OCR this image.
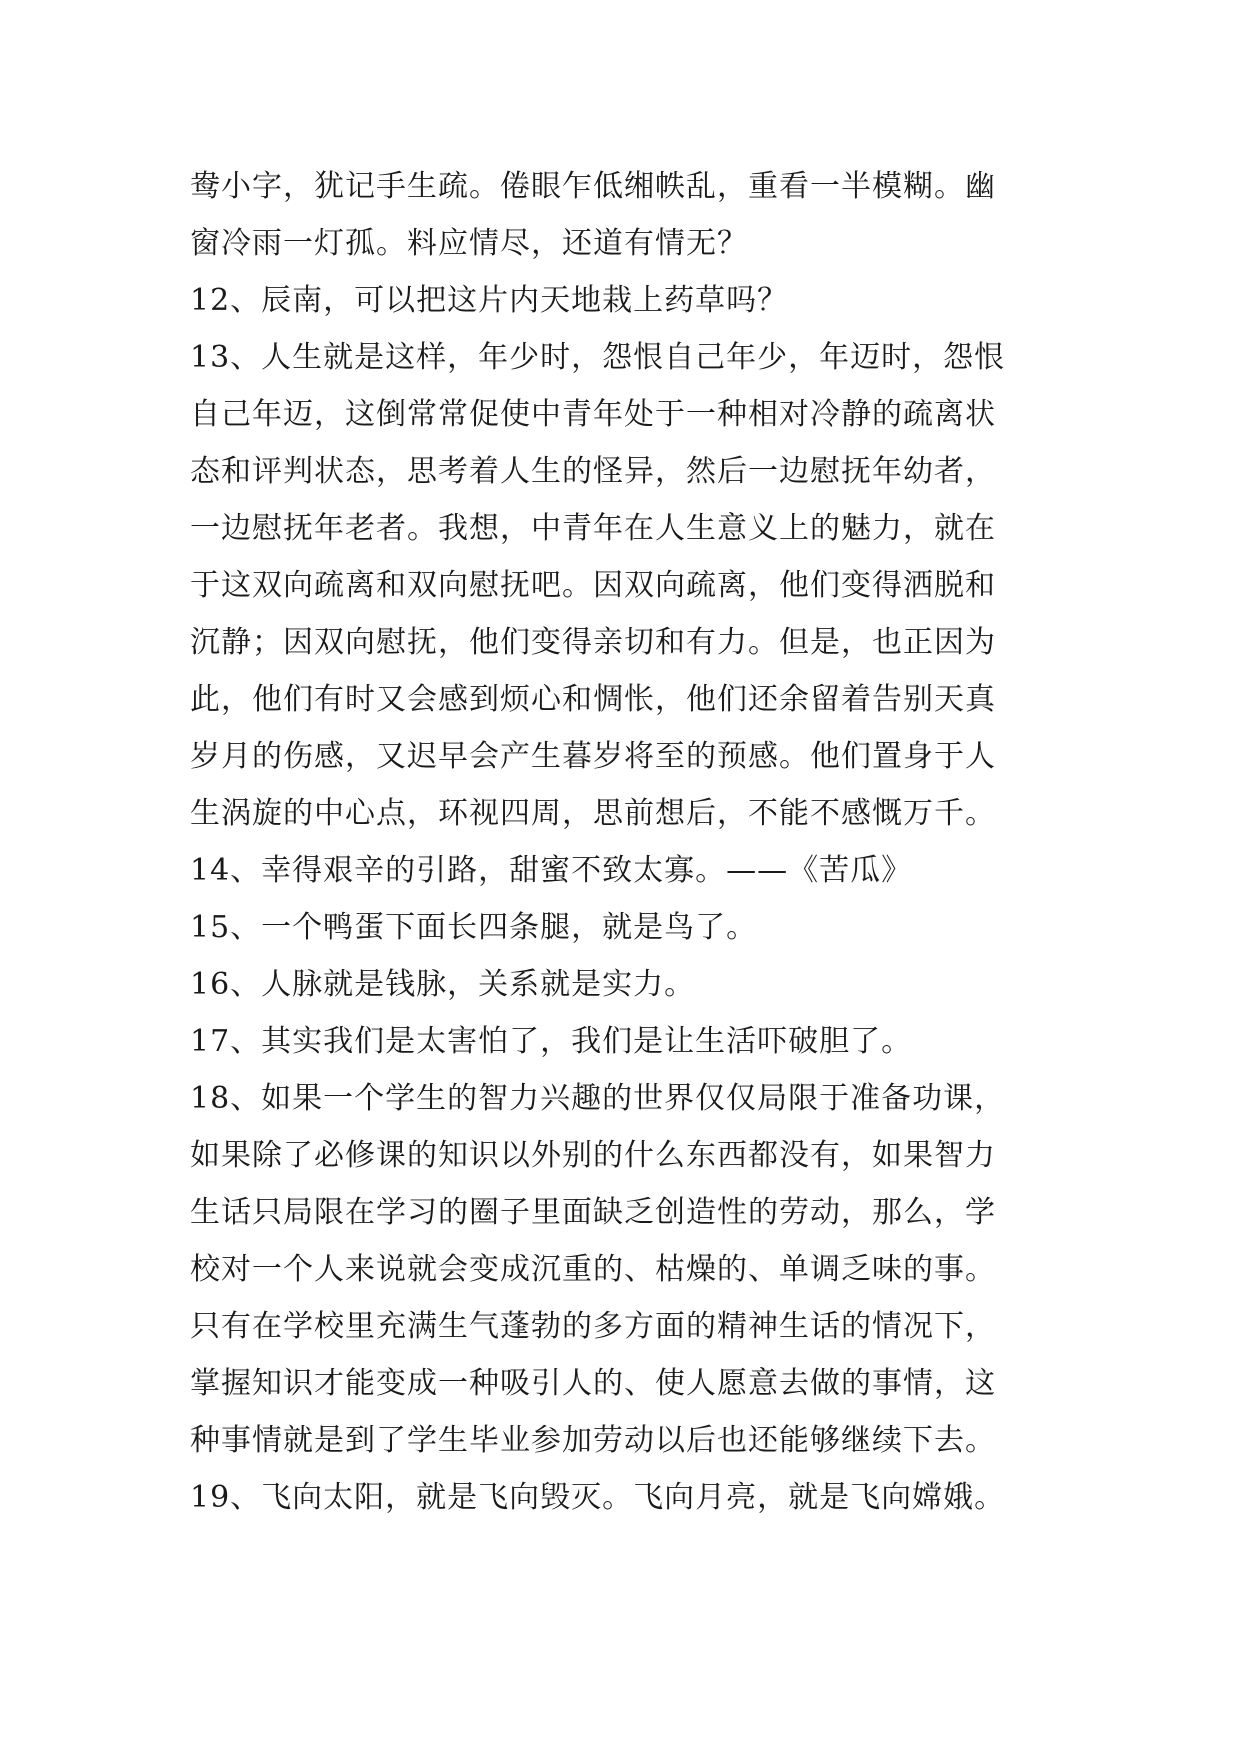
鸯小字，犹记手生疏。倦眼乍低缃帙乱，重看一半模糊。幽
窗冷雨一灯孤。料应情尽，还道有情无？
12、辰南，可以把这片内天地栽上药草吗？
13、人生就是这样，年少时，怨恨自己年少，年迈时，怨恨
自己年迈，这倒常常促使中青年处于一种相对冷静的疏离状
态和评判状态，思考着人生的怪异，然后一边慰抚年幼者，
一边慰抚年老者。我想，中青年在人生意义上的魅力，就在
于这双向疏离和双向慰抚吧。因双向疏离，他们变得洒脱和
沉静；因双向慰抚，他们变得亲切和有力。但是，也正因为
此，他们有时又会感到烦心和惆怅，他们还余留着告别天真
岁月的伤感，又迟早会产生暮岁将至的预感。他们置身于人
生涡旋的中心点，环视四周，思前想后，不能不感慨万千。
14、幸得艰辛的引路，甜蜜不致太寡。——《苦瓜》
15、一个鸭蛋下面长四条腿，就是鸟了。
16、人脉就是钱脉，关系就是实力。
17、其实我们是太害怕了，我们是让生活吓破胆了。
18、如果一个学生的智力兴趣的世界仅仅局限于准备功课，
如果除了必修课的知识以外别的什么东西都没有，如果智力
生话只局限在学习的圈子里面缺乏创造性的劳动，那么，学
校对一个人来说就会变成沉重的、枯燥的、单调乏味的事。
只有在学校里充满生气蓬勃的多方面的精神生话的情况下，
掌握知识才能变成一种吸引人的、使人愿意去做的事情，这
种事情就是到了学生毕业参加劳动以后也还能够继续下去。
19、飞向太阳，就是飞向毁灭。飞向月亮，就是飞向嫦娥。
